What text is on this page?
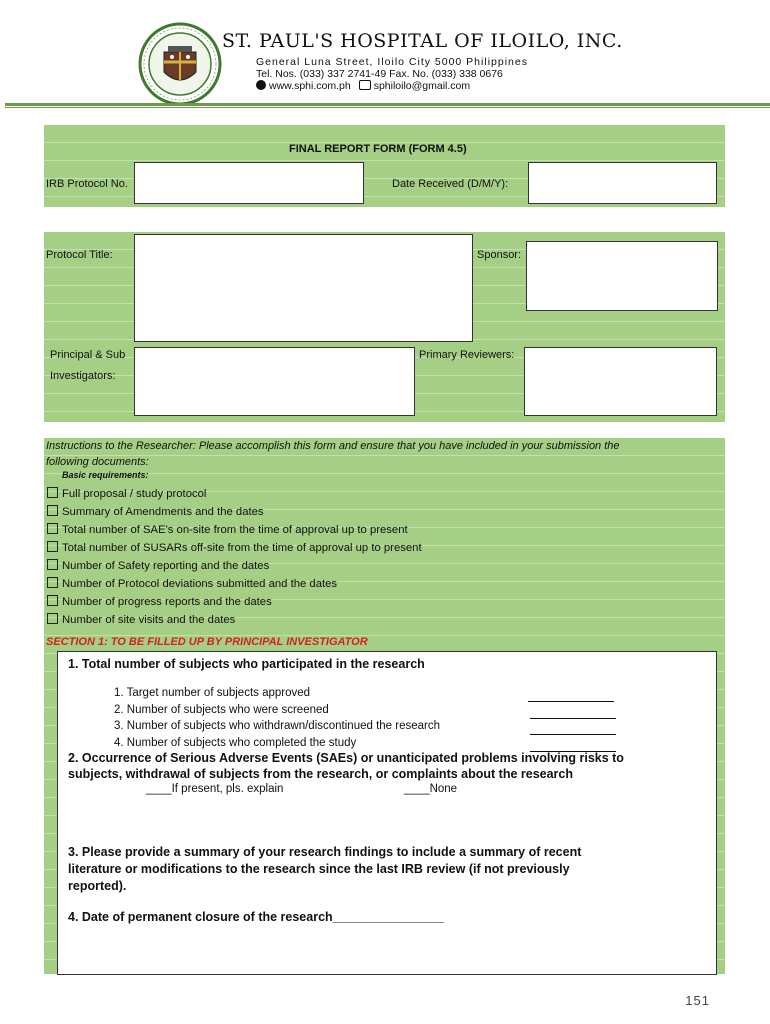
ST. PAUL'S HOSPITAL OF ILOILO, INC.
General Luna Street, Iloilo City 5000 Philippines
Tel. Nos. (033) 337 2741-49 Fax. No. (033) 338 0676
www.sphi.com.ph sphiloilo@gmail.com
FINAL REPORT FORM (FORM 4.5)
IRB Protocol No.	Date Received (D/M/Y):
Protocol Title:	Sponsor:
Principal & Sub
Investigators:
Primary Reviewers:
Instructions to the Researcher: Please accomplish this form and ensure that you have included in your submission the
following documents:
Basic requirements:
Full proposal / study protocol
Summary of Amendments and the dates
Total number of SAE's on-site from the time of approval up to present
Total number of SUSARs off-site from the time of approval up to present
Number of Safety reporting and the dates
Number of Protocol deviations submitted and the dates
Number of progress reports and the dates
Number of site visits and the dates
SECTION 1: TO BE FILLED UP BY PRINCIPAL INVESTIGATOR
1. Total number of subjects who participated in the research
1. Target number of subjects approved
2. Number of subjects who were screened
3. Number of subjects who withdrawn/discontinued the research
4. Number of subjects who completed the study
2. Occurrence of Serious Adverse Events (SAEs) or unanticipated problems involving risks to
subjects, withdrawal of subjects from the research, or complaints about the research
____If present, pls. explain	____None
3. Please provide a summary of your research findings to include a summary of recent
literature or modifications to the research since the last IRB review (if not previously
reported).
4. Date of permanent closure of the research________________
151
